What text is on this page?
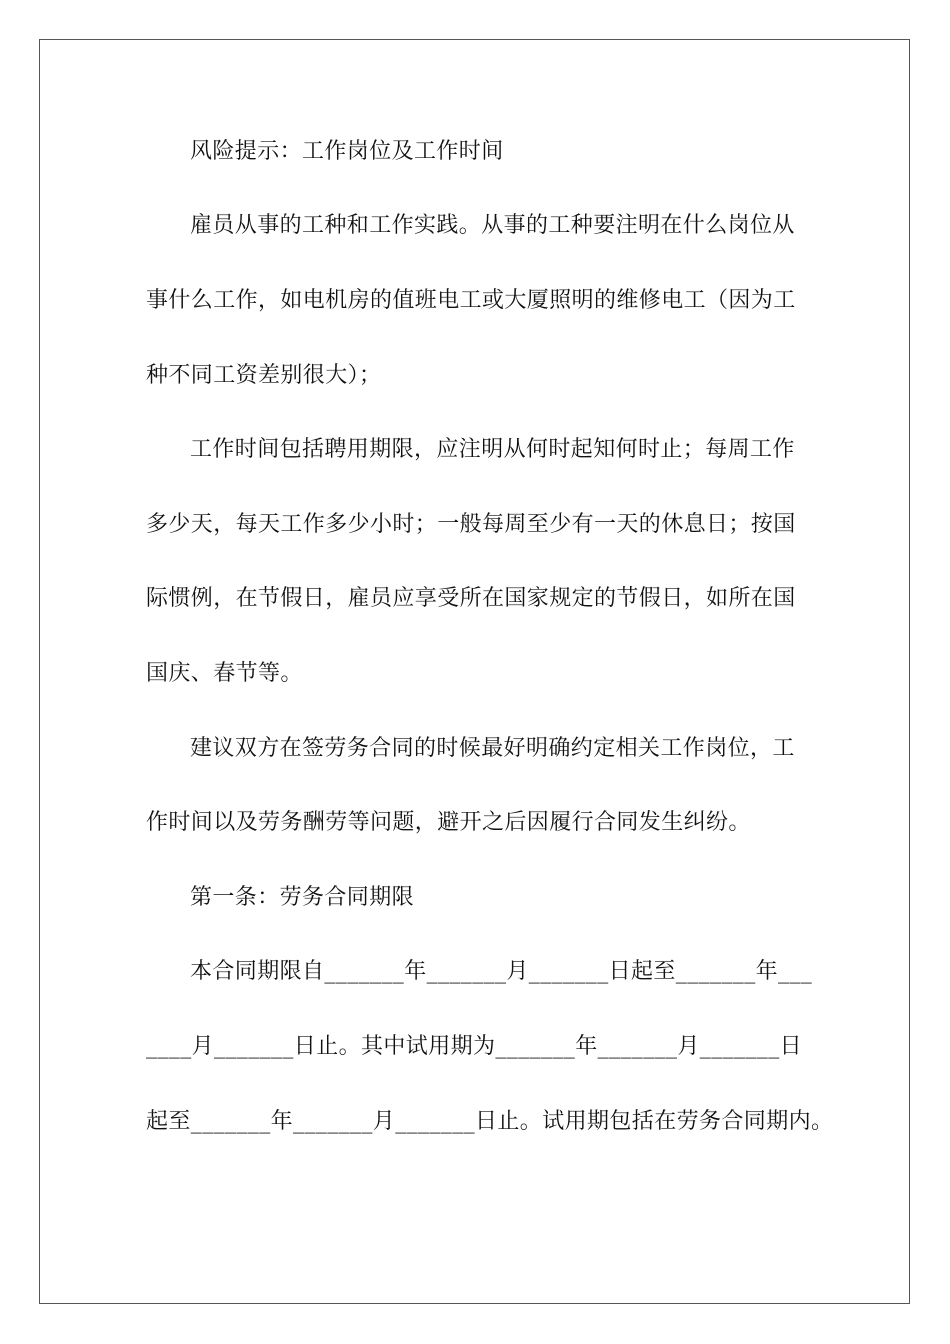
风险提示：工作岗位及工作时间
雇员从事的工种和工作实践。从事的工种要注明在什么岗位从
事什么工作，如电机房的值班电工或大厦照明的维修电工（因为工
种不同工资差别很大）；
工作时间包括聘用期限，应注明从何时起知何时止；每周工作
多少天，每天工作多少小时；一般每周至少有一天的休息日；按国
际惯例，在节假日，雇员应享受所在国家规定的节假日，如所在国
国庆、春节等。
建议双方在签劳务合同的时候最好明确约定相关工作岗位，工
作时间以及劳务酬劳等问题，避开之后因履行合同发生纠纷。
第一条：劳务合同期限
本合同期限自_______年_______月_______日起至_______年___
____月_______日止。其中试用期为_______年_______月_______日
起至_______年_______月_______日止。试用期包括在劳务合同期内。
